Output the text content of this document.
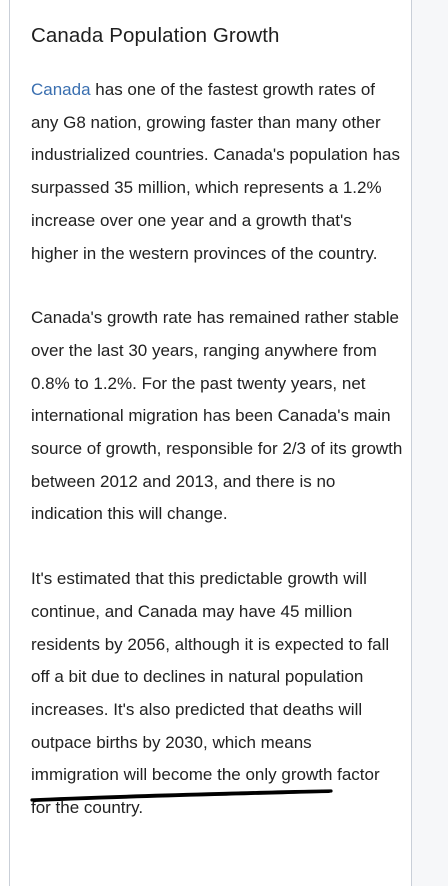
Canada Population Growth

Canada has one of the fastest growth rates of any G8 nation, growing faster than many other industrialized countries. Canada's population has surpassed 35 million, which represents a 1.2% increase over one year and a growth that's higher in the western provinces of the country.

Canada's growth rate has remained rather stable over the last 30 years, ranging anywhere from 0.8% to 1.2%. For the past twenty years, net international migration has been Canada's main source of growth, responsible for 2/3 of its growth between 2012 and 2013, and there is no indication this will change.

It's estimated that this predictable growth will continue, and Canada may have 45 million residents by 2056, although it is expected to fall off a bit due to declines in natural population increases. It's also predicted that deaths will outpace births by 2030, which means immigration will become the only growth factor for the country.
